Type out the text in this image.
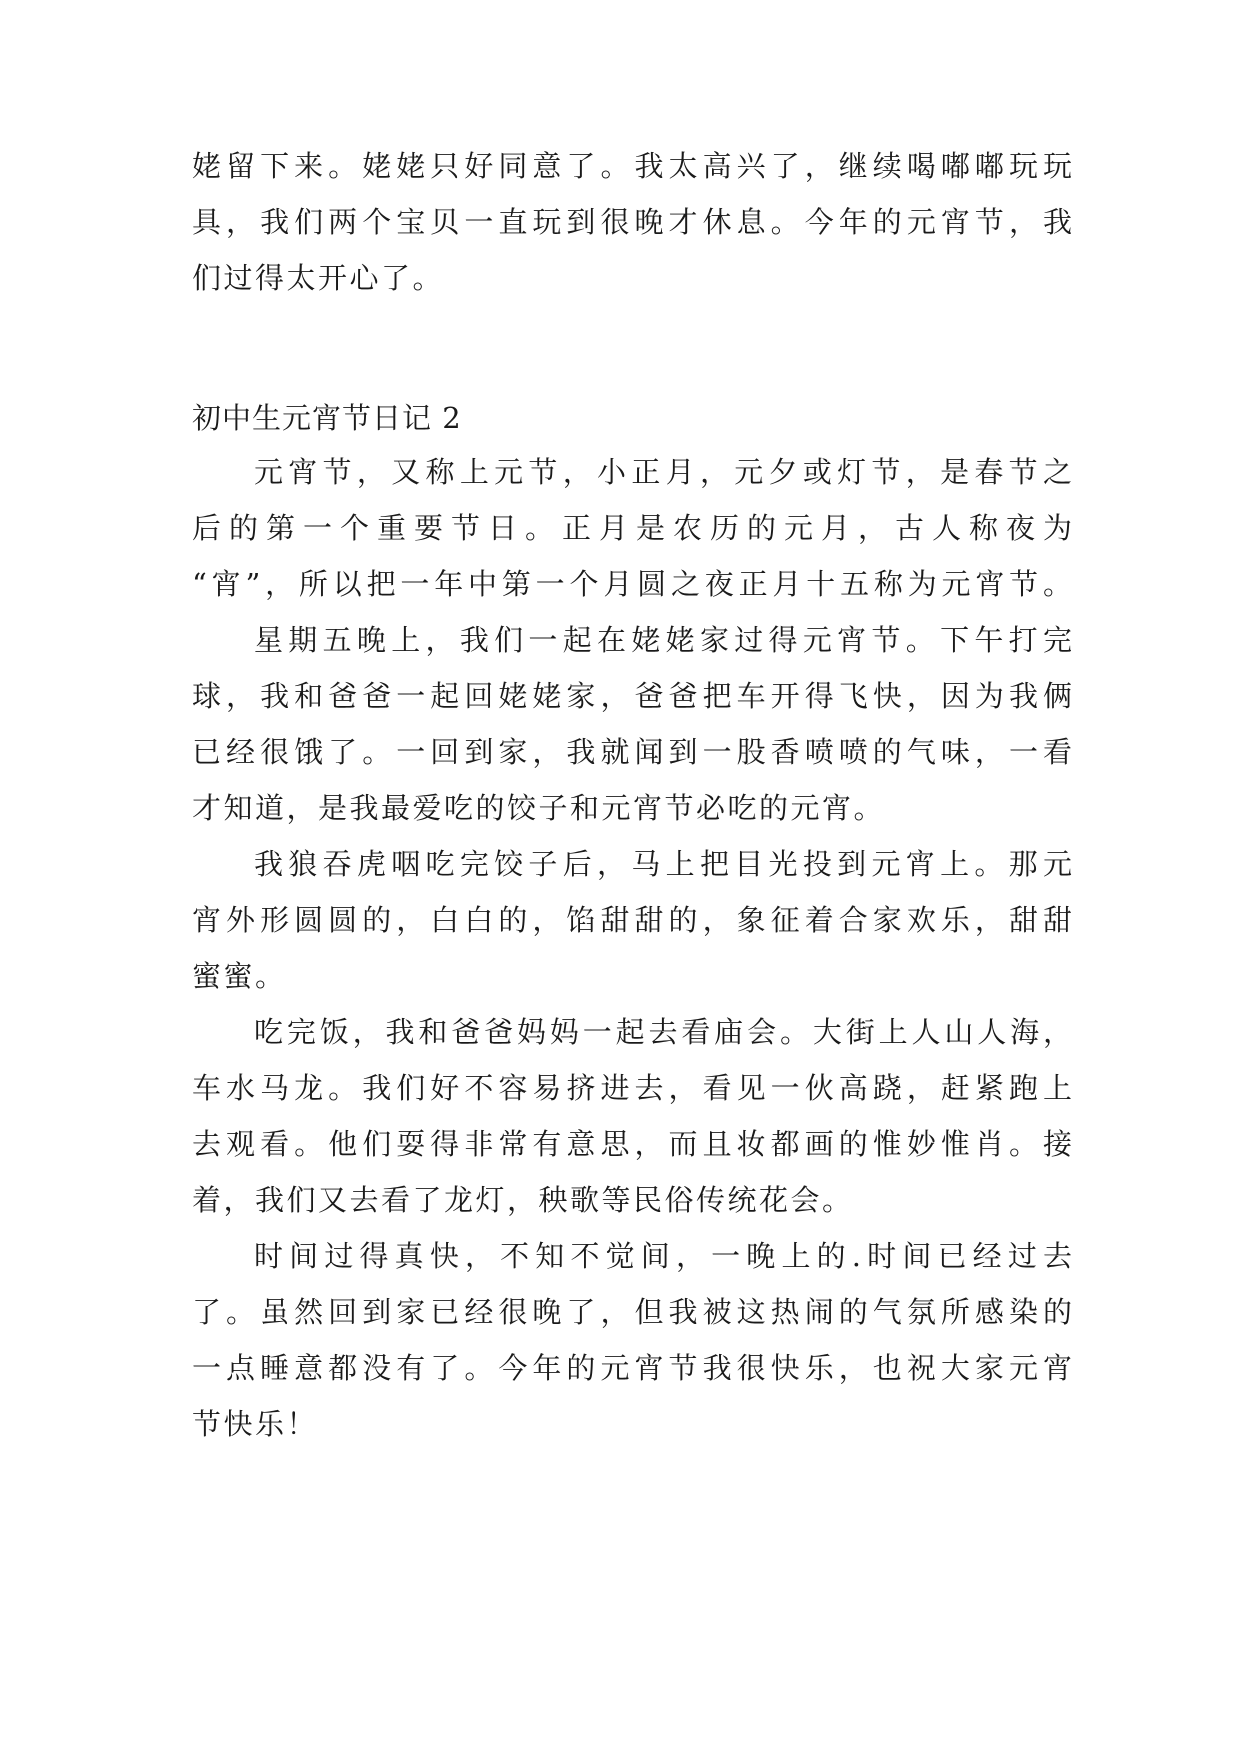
姥留下来。姥姥只好同意了。我太高兴了，继续喝嘟嘟玩玩
具，我们两个宝贝一直玩到很晚才休息。今年的元宵节，我
们过得太开心了。
初中生元宵节日记 2
元宵节，又称上元节，小正月，元夕或灯节，是春节之
后的第一个重要节日。正月是农历的元月，古人称夜为
“宵”，所以把一年中第一个月圆之夜正月十五称为元宵节。
星期五晚上，我们一起在姥姥家过得元宵节。下午打完
球，我和爸爸一起回姥姥家，爸爸把车开得飞快，因为我俩
已经很饿了。一回到家，我就闻到一股香喷喷的气味，一看
才知道，是我最爱吃的饺子和元宵节必吃的元宵。
我狼吞虎咽吃完饺子后，马上把目光投到元宵上。那元
宵外形圆圆的，白白的，馅甜甜的，象征着合家欢乐，甜甜
蜜蜜。
吃完饭，我和爸爸妈妈一起去看庙会。大街上人山人海，
车水马龙。我们好不容易挤进去，看见一伙高跷，赶紧跑上
去观看。他们耍得非常有意思，而且妆都画的惟妙惟肖。接
着，我们又去看了龙灯，秧歌等民俗传统花会。
时间过得真快，不知不觉间，一晚上的.时间已经过去
了。虽然回到家已经很晚了，但我被这热闹的气氛所感染的
一点睡意都没有了。今年的元宵节我很快乐，也祝大家元宵
节快乐！
